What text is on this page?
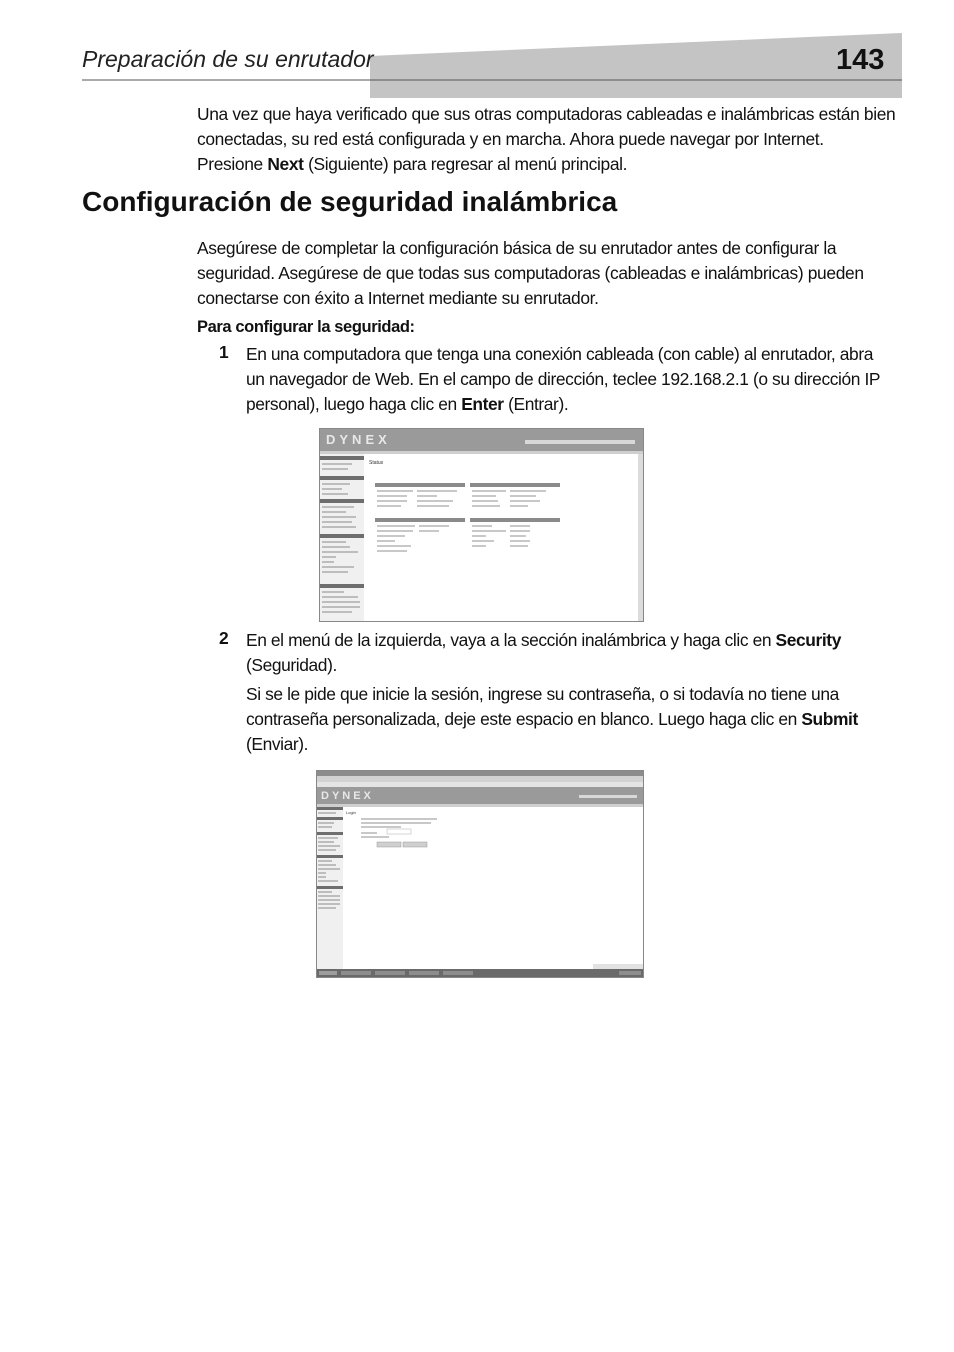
Preparación de su enrutador	143
Una vez que haya verificado que sus otras computadoras cableadas e inalámbricas están bien
conectadas, su red está configurada y en marcha. Ahora puede navegar por Internet.
Presione Next (Siguiente) para regresar al menú principal.
Configuración de seguridad inalámbrica
Asegúrese de completar la configuración básica de su enrutador antes de configurar la
seguridad. Asegúrese de que todas sus computadoras (cableadas e inalámbricas) pueden
conectarse con éxito a Internet mediante su enrutador.
Para configurar la seguridad:
1 En una computadora que tenga una conexión cableada (con cable) al enrutador, abra
un navegador de Web. En el campo de dirección, teclee 192.168.2.1 (o su dirección IP
personal), luego haga clic en Enter (Entrar).
DYNEX
Status
2 En el menú de la izquierda, vaya a la sección inalámbrica y haga clic en Security
(Seguridad).
Si se le pide que inicie la sesión, ingrese su contraseña, o si todavía no tiene una
contraseña personalizada, deje este espacio en blanco. Luego haga clic en Submit
(Enviar).
DYNEX
Login
